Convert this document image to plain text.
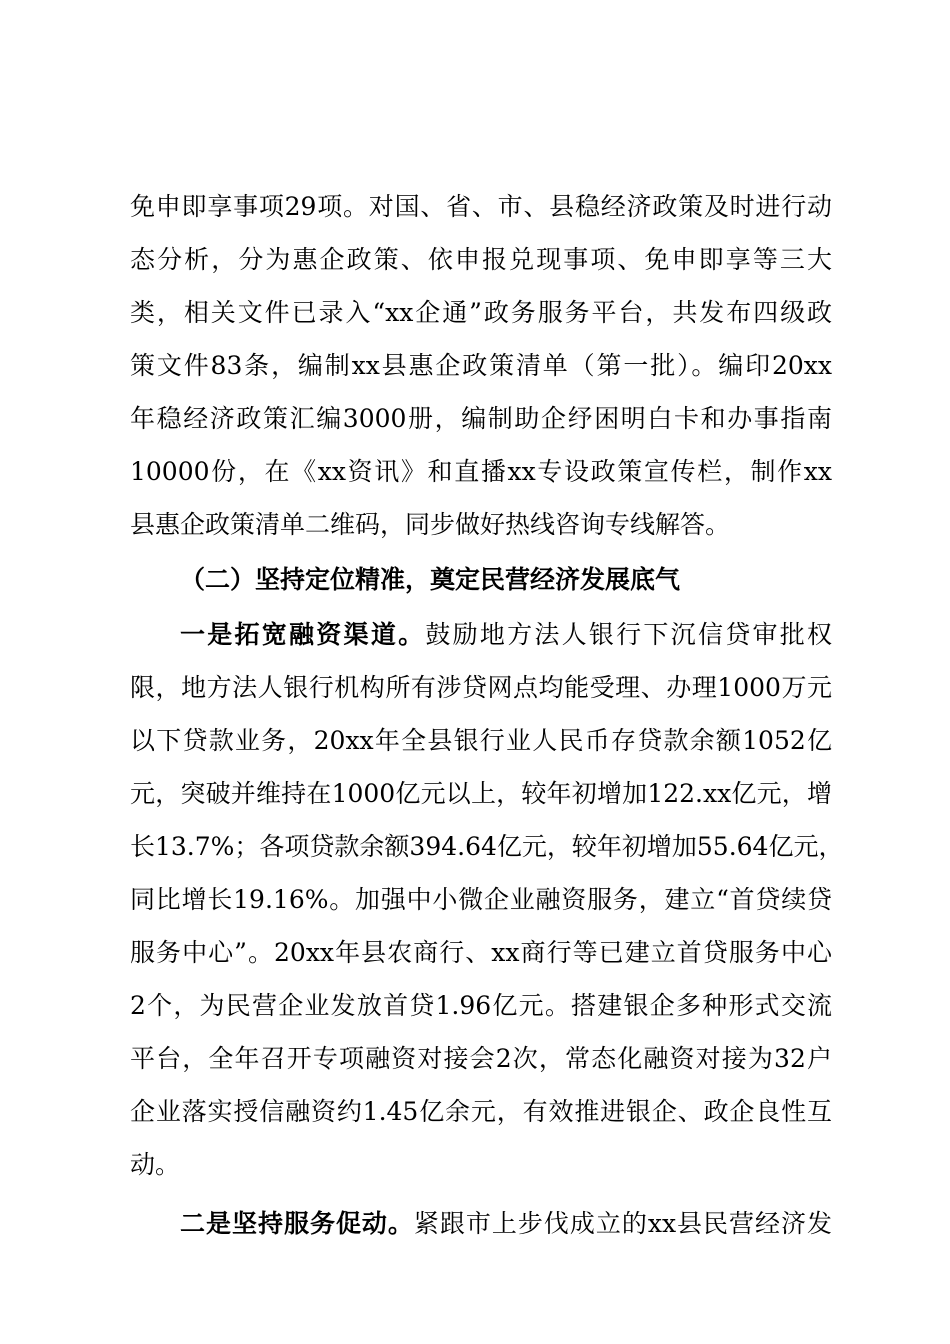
免申即享事项29项。对国、省、市、县稳经济政策及时进行动
态分析，分为惠企政策、依申报兑现事项、免申即享等三大
类，相关文件已录入“xx企通”政务服务平台，共发布四级政
策文件83条，编制xx县惠企政策清单（第一批）。编印20xx
年稳经济政策汇编3000册，编制助企纾困明白卡和办事指南
10000份，在《xx资讯》和直播xx专设政策宣传栏，制作xx
县惠企政策清单二维码，同步做好热线咨询专线解答。
（二）坚持定位精准，奠定民营经济发展底气
一是拓宽融资渠道。鼓励地方法人银行下沉信贷审批权
限，地方法人银行机构所有涉贷网点均能受理、办理1000万元
以下贷款业务，20xx年全县银行业人民币存贷款余额1052亿
元，突破并维持在1000亿元以上，较年初增加122.xx亿元，增
长13.7%；各项贷款余额394.64亿元，较年初增加55.64亿元，
同比增长19.16%。加强中小微企业融资服务，建立“首贷续贷
服务中心”。20xx年县农商行、xx商行等已建立首贷服务中心
2个，为民营企业发放首贷1.96亿元。搭建银企多种形式交流
平台，全年召开专项融资对接会2次，常态化融资对接为32户
企业落实授信融资约1.45亿余元，有效推进银企、政企良性互
动。
二是坚持服务促动。紧跟市上步伐成立的xx县民营经济发
